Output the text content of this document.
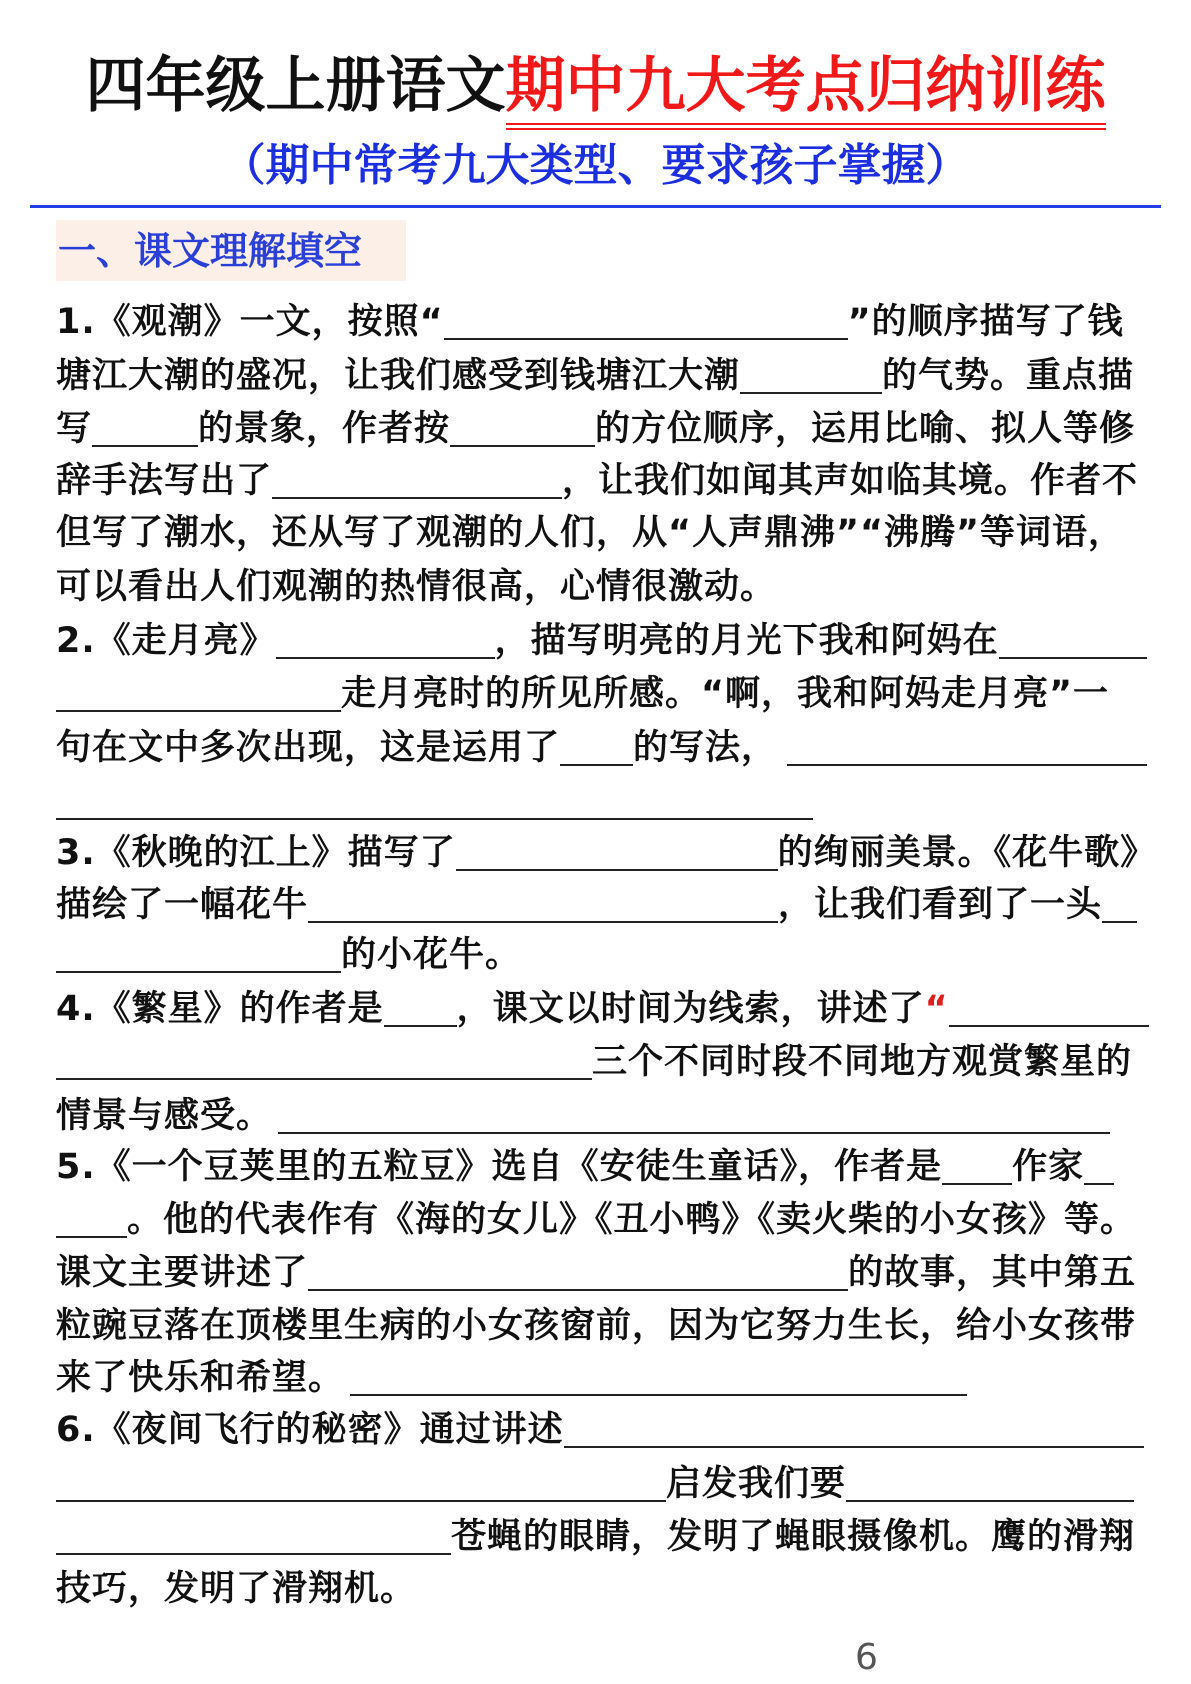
四年级上册语文期中九大考点归纳训练
（期中常考九大类型、要求孩子掌握）
一、课文理解填空
1.《观潮》一文，按照“	”的顺序描写了钱
塘江大潮的盛况，让我们感受到钱塘江大潮	的气势。重点描
写	的景象，作者按	的方位顺序，运用比喻、拟人等修
辞手法写出了	，让我们如闻其声如临其境。作者不
但写了潮水，还从写了观潮的人们，从“人声鼎沸”“沸腾”等词语，
可以看出人们观潮的热情很高，心情很激动。
2.《走月亮》	，描写明亮的月光下我和阿妈在
走月亮时的所见所感。“啊，我和阿妈走月亮”一
句在文中多次出现，这是运用了 的写法，
3.《秋晚的江上》描写了	的绚丽美景。《花牛歌》
描绘了一幅花牛	，让我们看到了一头
的小花牛。
4.《繁星》的作者是 ，课文以时间为线索，讲述了 “
三个不同时段不同地方观赏繁星的
情景与感受。
5.《一个豆荚里的五粒豆》选自《安徒生童话》，作者是 作家
。他的代表作有《海的女儿》《丑小鸭》《卖火柴的小女孩》等。
课文主要讲述了	的故事，其中第五
粒豌豆落在顶楼里生病的小女孩窗前，因为它努力生长，给小女孩带
来了快乐和希望。
6.《夜间飞行的秘密》通过讲述
启发我们要
苍蝇的眼睛，发明了蝇眼摄像机。鹰的滑翔
技巧，发明了滑翔机。
6
